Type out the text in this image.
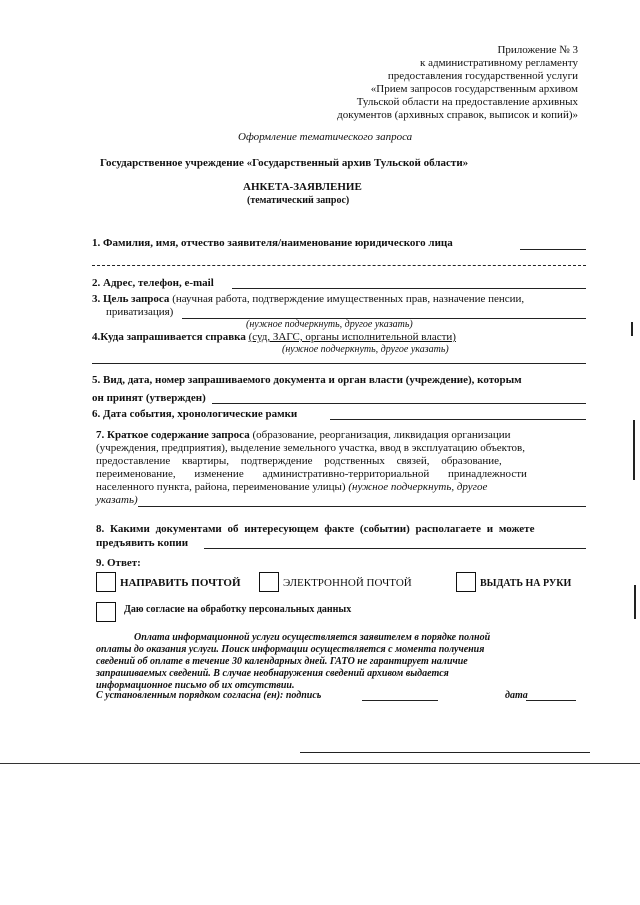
Приложение № 3
к административному регламенту
предоставления государственной услуги
«Прием запросов государственным архивом
Тульской области на предоставление архивных
документов (архивных справок, выписок и копий)»
Оформление тематического запроса
Государственное учреждение «Государственный архив Тульской области»
АНКЕТА-ЗАЯВЛЕНИЕ
(тематический запрос)
1. Фамилия, имя, отчество заявителя/наименование юридического лица
2. Адрес, телефон, e-mail
3. Цель запроса (научная работа, подтверждение имущественных прав, назначение пенсии,
приватизация)
(нужное подчеркнуть, другое указать)
4.Куда запрашивается справка (суд, ЗАГС, органы исполнительной власти)
(нужное подчеркнуть, другое указать)
5. Вид, дата, номер запрашиваемого документа и орган власти (учреждение), которым
он принят (утвержден)
6. Дата события, хронологические рамки
7. Краткое содержание запроса (образование, реорганизация, ликвидация организации
(учреждения, предприятия), выделение земельного участка, ввод в эксплуатацию объектов,
предоставление квартиры, подтверждение родственных связей, образование,
переименование, изменение административно-территориальной принадлежности
населенного пункта, района, переименование улицы) (нужное подчеркнуть, другое
указать)
8. Какими документами об интересующем факте (событии) располагаете и можете
предъявить копии
9. Ответ:
НАПРАВИТЬ ПОЧТОЙ	ЭЛЕКТРОННОЙ ПОЧТОЙ	ВЫДАТЬ НА РУКИ
Даю согласие на обработку персональных данных
Оплата информационной услуги осуществляется заявителем в порядке полной
оплаты до оказания услуги. Поиск информации осуществляется с момента получения
сведений об оплате в течение 30 календарных дней. ГАТО не гарантирует наличие
запрашиваемых сведений. В случае необнаружения сведений архивом выдается
информационное письмо об их отсутствии.
С установленным порядком согласна (ен): подпись	дата
